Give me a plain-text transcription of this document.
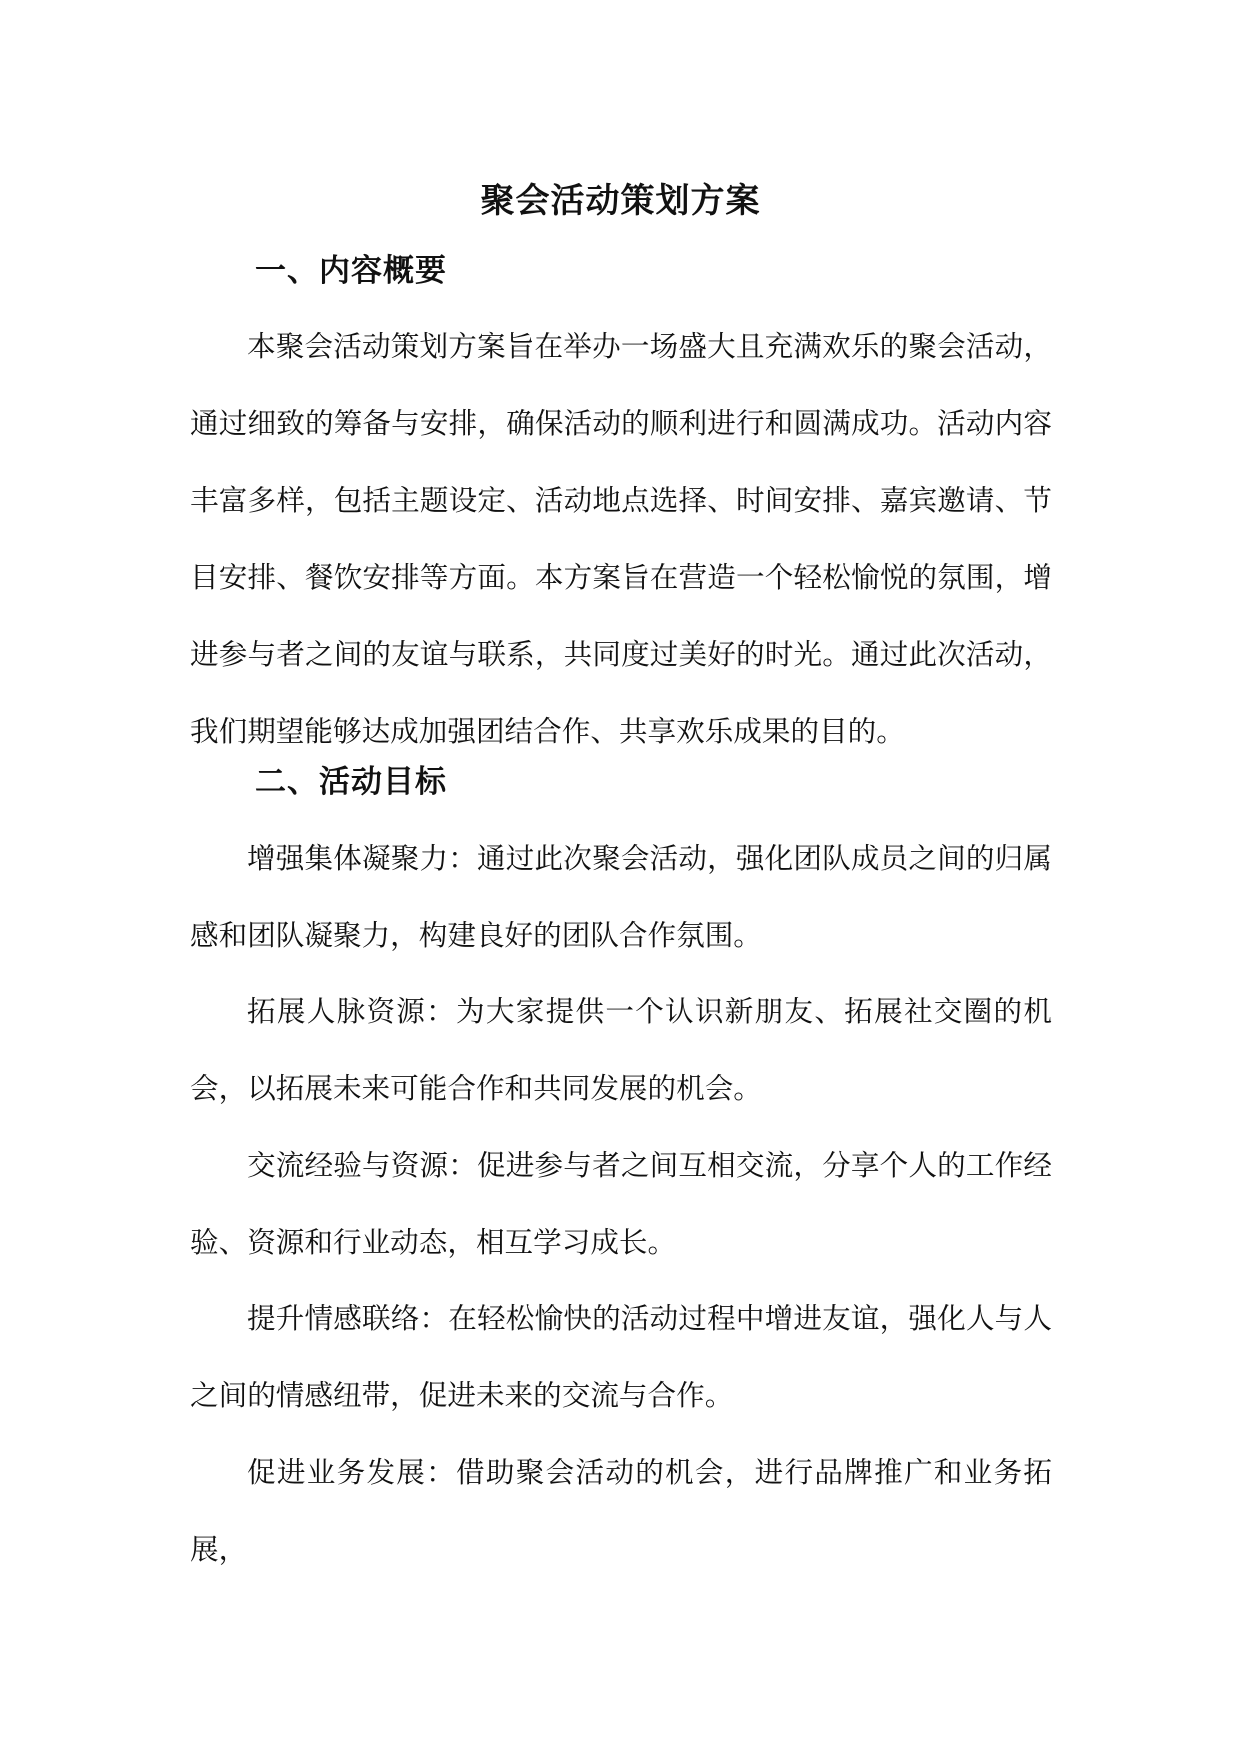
聚会活动策划方案
一、内容概要

本聚会活动策划方案旨在举办一场盛大且充满欢乐的聚会活动，通过细致的筹备与安排，确保活动的顺利进行和圆满成功。活动内容丰富多样，包括主题设定、活动地点选择、时间安排、嘉宾邀请、节目安排、餐饮安排等方面。本方案旨在营造一个轻松愉悦的氛围，增进参与者之间的友谊与联系，共同度过美好的时光。通过此次活动，我们期望能够达成加强团结合作、共享欢乐成果的目的。

二、活动目标

增强集体凝聚力：通过此次聚会活动，强化团队成员之间的归属感和团队凝聚力，构建良好的团队合作氛围。

拓展人脉资源：为大家提供一个认识新朋友、拓展社交圈的机会，以拓展未来可能合作和共同发展的机会。

交流经验与资源：促进参与者之间互相交流，分享个人的工作经验、资源和行业动态，相互学习成长。

提升情感联络：在轻松愉快的活动过程中增进友谊，强化人与人之间的情感纽带，促进未来的交流与合作。

促进业务发展：借助聚会活动的机会，进行品牌推广和业务拓展，
